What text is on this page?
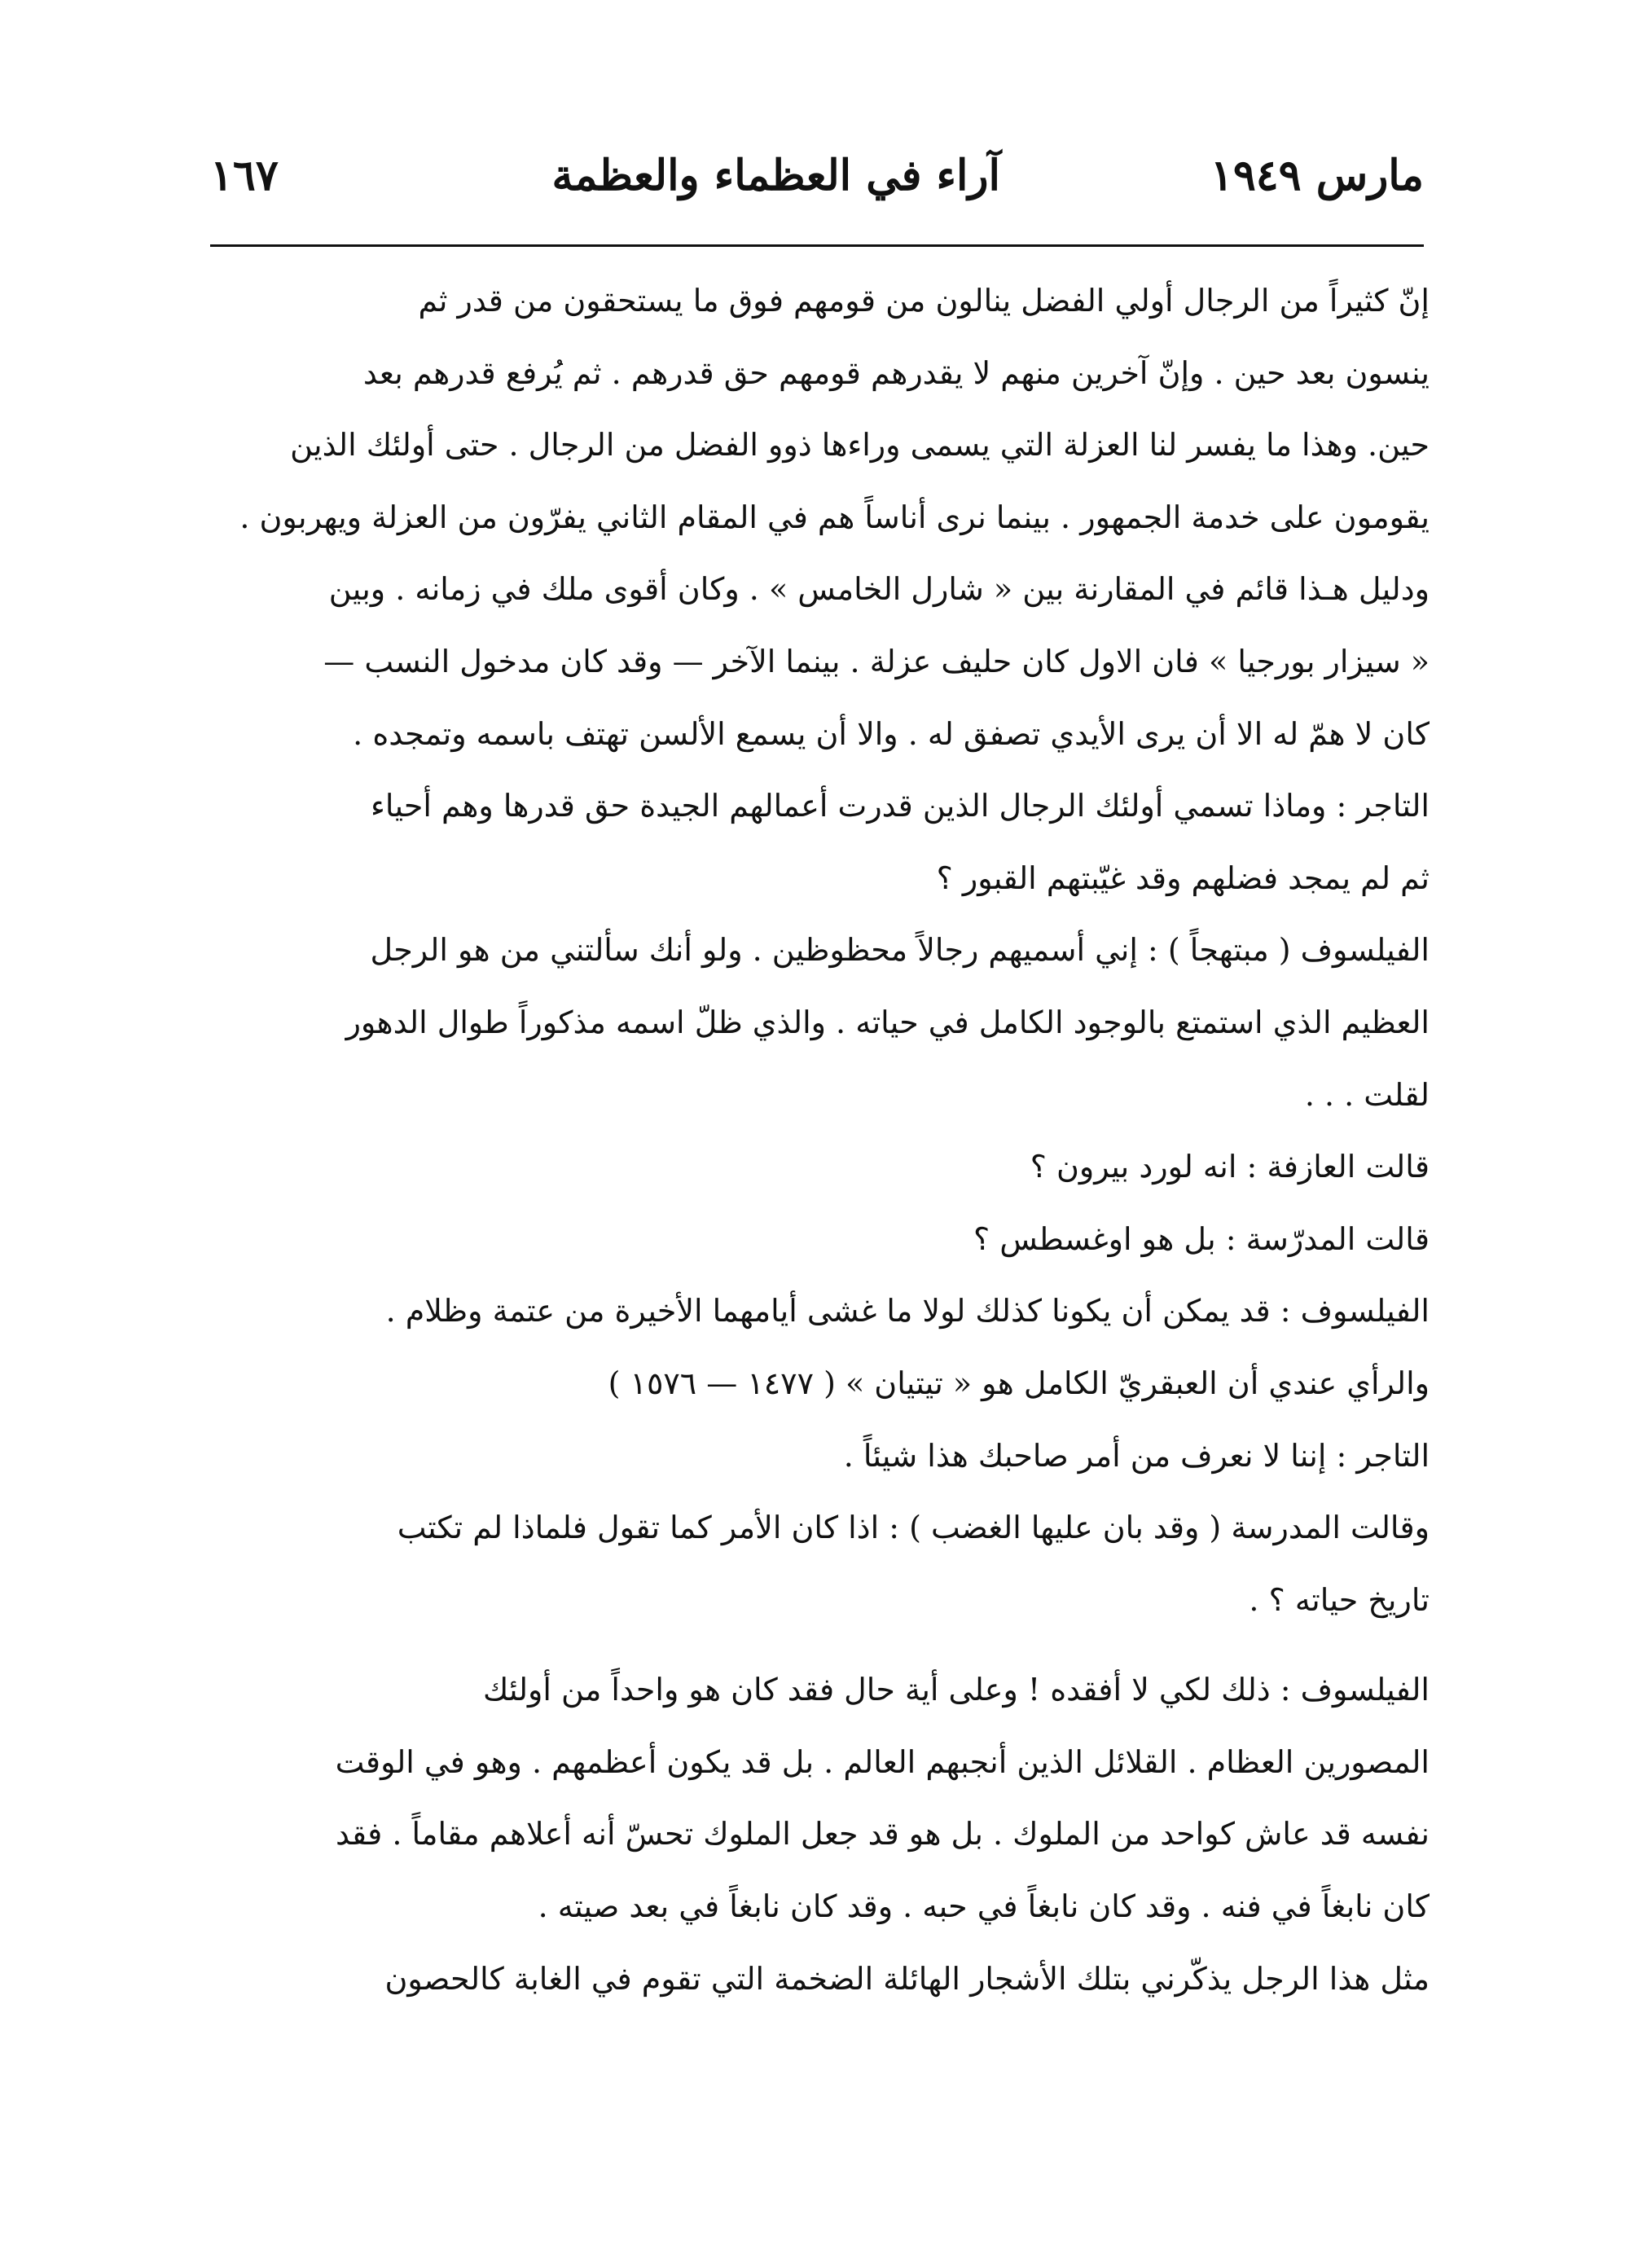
مارس ١٩٤٩
آراء في العظماء والعظمة
١٦٧

إنّ كثيراً من الرجال أولي الفضل ينالون من قومهم فوق ما يستحقون من قدر ثم
ينسون بعد حين . وإنّ آخرين منهم لا يقدرهم قومهم حق قدرهم . ثم يُرفع قدرهم بعد
حين. وهذا ما يفسر لنا العزلة التي يسمى وراءها ذوو الفضل من الرجال . حتى أولئك الذين
يقومون على خدمة الجمهور . بينما نرى أناساً هم في المقام الثاني يفرّون من العزلة ويهربون .
ودليل هـذا قائم في المقارنة بين « شارل الخامس » . وكان أقوى ملك في زمانه . وبين
« سيزار بورجيا » فان الاول كان حليف عزلة . بينما الآخر — وقد كان مدخول النسب —
كان لا همّ له الا أن يرى الأيدي تصفق له . والا أن يسمع الألسن تهتف باسمه وتمجده .

التاجر : وماذا تسمي أولئك الرجال الذين قدرت أعمالهم الجيدة حق قدرها وهم أحياء
ثم لم يمجد فضلهم وقد غيّبتهم القبور ؟

الفيلسوف ( مبتهجاً ) : إني أسميهم رجالاً محظوظين . ولو أنك سألتني من هو الرجل
العظيم الذي استمتع بالوجود الكامل في حياته . والذي ظلّ اسمه مذكوراً طوال الدهور
لقلت . . .

قالت العازفة : انه لورد بيرون ؟

قالت المدرّسة : بل هو اوغسطس ؟

الفيلسوف : قد يمكن أن يكونا كذلك لولا ما غشى أيامهما الأخيرة من عتمة وظلام .
والرأي عندي أن العبقريّ الكامل هو « تيتيان » ( ١٤٧٧ — ١٥٧٦ )

التاجر : إننا لا نعرف من أمر صاحبك هذا شيئاً .

وقالت المدرسة ( وقد بان عليها الغضب ) : اذا كان الأمر كما تقول فلماذا لم تكتب
تاريخ حياته ؟ .

الفيلسوف : ذلك لكي لا أفقده ! وعلى أية حال فقد كان هو واحداً من أولئك
المصورين العظام . القلائل الذين أنجبهم العالم . بل قد يكون أعظمهم . وهو في الوقت
نفسه قد عاش كواحد من الملوك . بل هو قد جعل الملوك تحسّ أنه أعلاهم مقاماً . فقد
كان نابغاً في فنه . وقد كان نابغاً في حبه . وقد كان نابغاً في بعد صيته .

مثل هذا الرجل يذكّرني بتلك الأشجار الهائلة الضخمة التي تقوم في الغابة كالحصون
